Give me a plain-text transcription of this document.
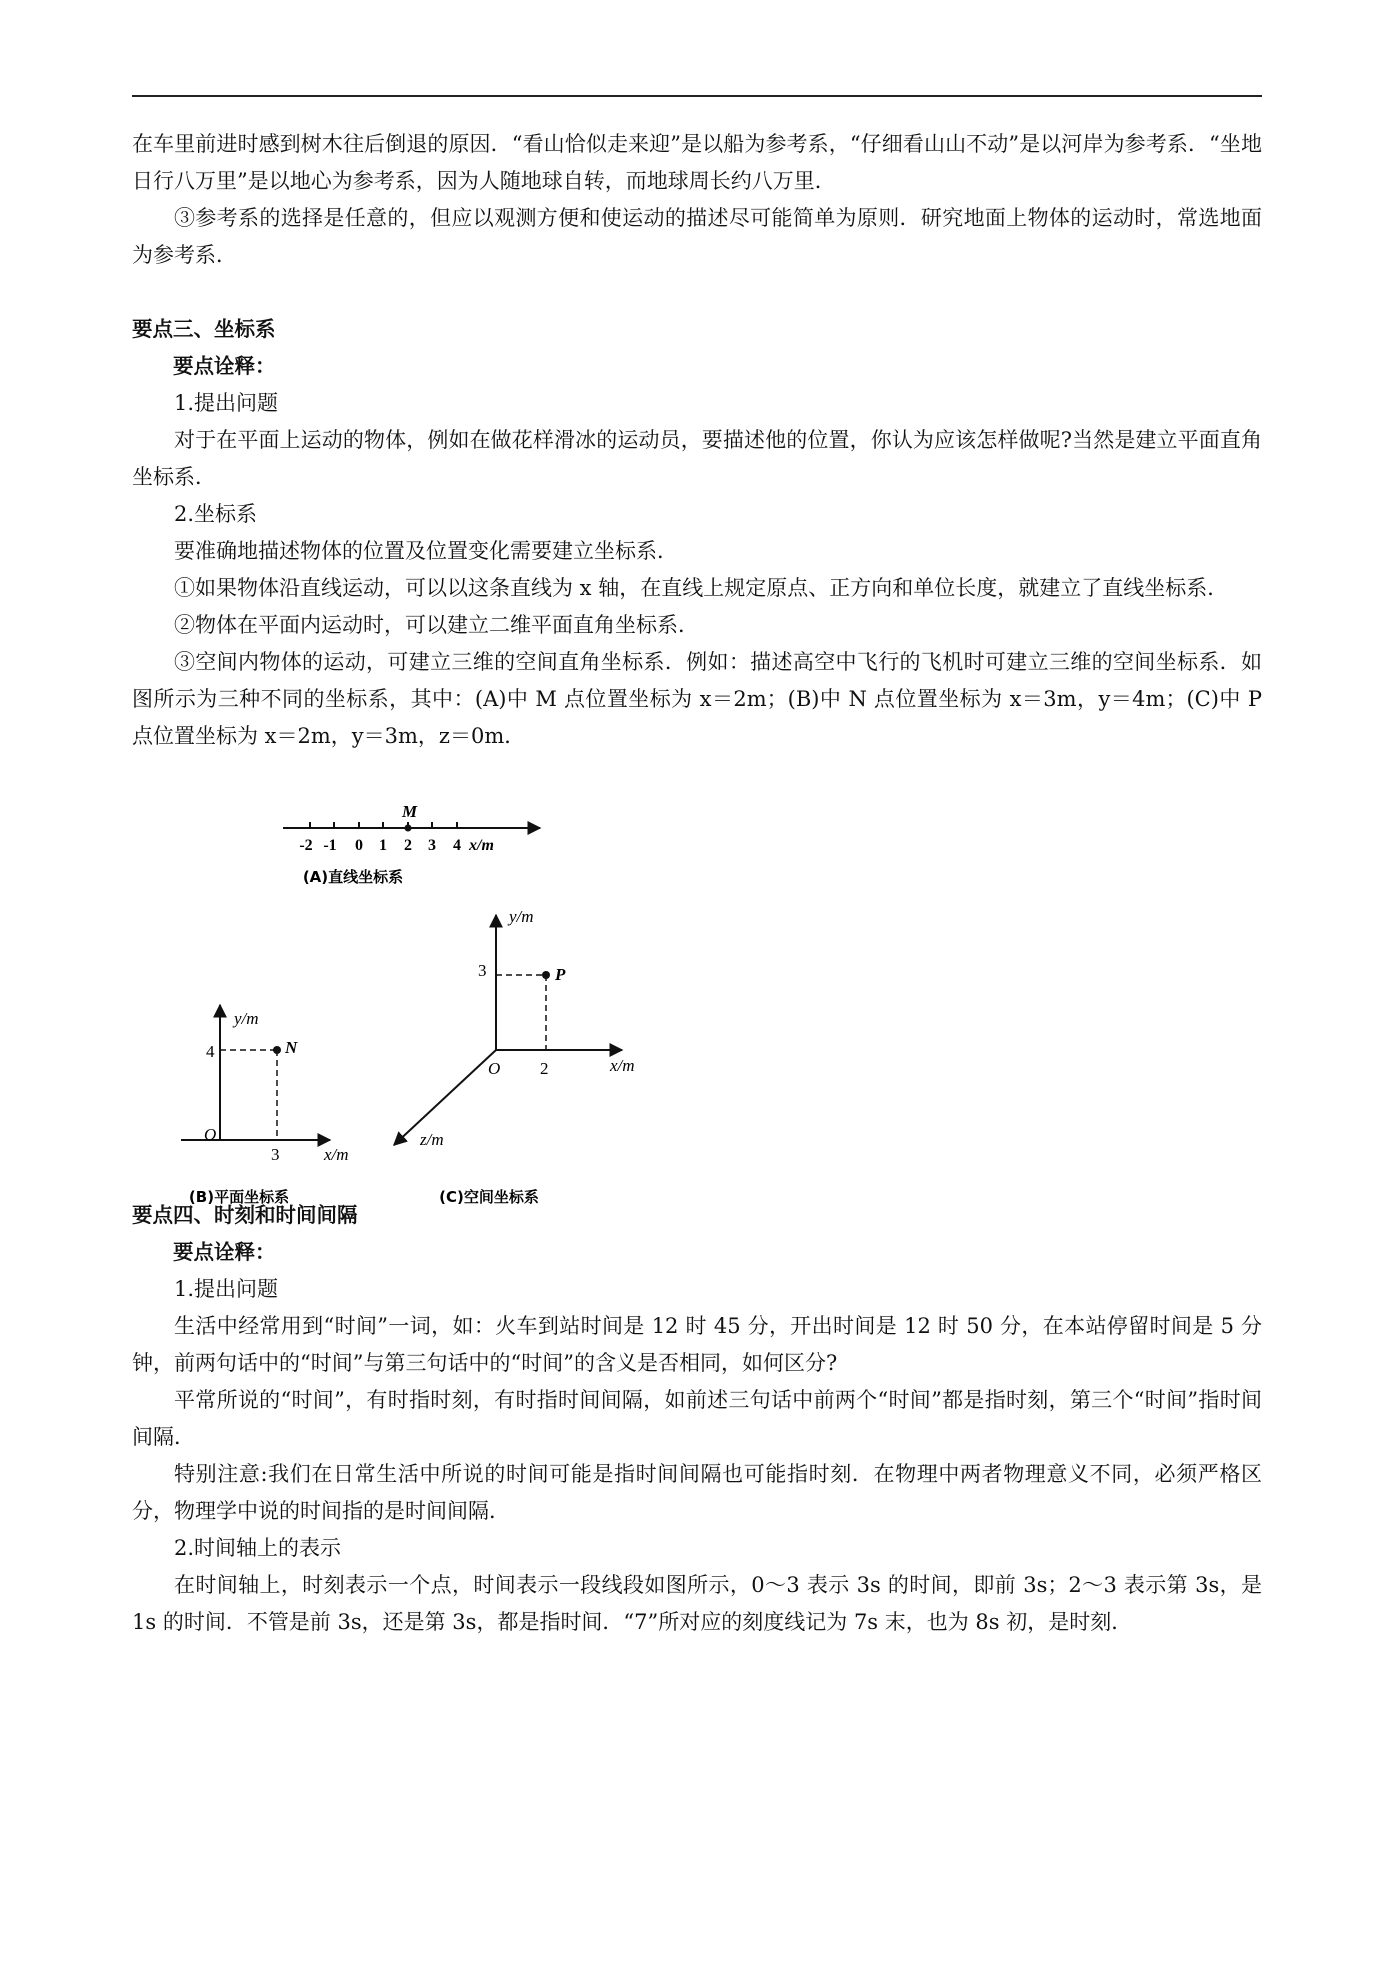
在车里前进时感到树木往后倒退的原因．“看山恰似走来迎”是以船为参考系，“仔细看山山不动”是以河岸为参考系．“坐地日行八万里”是以地心为参考系，因为人随地球自转，而地球周长约八万里．

③参考系的选择是任意的，但应以观测方便和使运动的描述尽可能简单为原则．研究地面上物体的运动时，常选地面为参考系．

要点三、坐标系

要点诠释：

1.提出问题

对于在平面上运动的物体，例如在做花样滑冰的运动员，要描述他的位置，你认为应该怎样做呢?当然是建立平面直角坐标系．

2.坐标系

要准确地描述物体的位置及位置变化需要建立坐标系．

①如果物体沿直线运动，可以以这条直线为 x 轴，在直线上规定原点、正方向和单位长度，就建立了直线坐标系．

②物体在平面内运动时，可以建立二维平面直角坐标系．

③空间内物体的运动，可建立三维的空间直角坐标系．例如：描述高空中飞行的飞机时可建立三维的空间坐标系．如图所示为三种不同的坐标系，其中：(A)中 M 点位置坐标为 x＝2m；(B)中 N 点位置坐标为 x＝3m，y＝4m；(C)中 P 点位置坐标为 x＝2m，y＝3m，z＝0m．

要点四、时刻和时间间隔

要点诠释：

1.提出问题

生活中经常用到“时间”一词，如：火车到站时间是 12 时 45 分，开出时间是 12 时 50 分，在本站停留时间是 5 分钟，前两句话中的“时间”与第三句话中的“时间”的含义是否相同，如何区分?

平常所说的“时间”，有时指时刻，有时指时间间隔，如前述三句话中前两个“时间”都是指时刻，第三个“时间”指时间间隔．

特别注意:我们在日常生活中所说的时间可能是指时间间隔也可能指时刻．在物理中两者物理意义不同，必须严格区分，物理学中说的时间指的是时间间隔．

2.时间轴上的表示

在时间轴上，时刻表示一个点，时间表示一段线段如图所示，0～3 表示 3s 的时间，即前 3s；2～3 表示第 3s，是 1s 的时间．不管是前 3s，还是第 3s，都是指时间．“7”所对应的刻度线记为 7s 末，也为 8s 初，是时刻．

M
-2 -1 0 1 2 3 4 x/m
(A)直线坐标系
N
y/m
4
O
3	x/m
(B)平面坐标系
P
y/m
3
O 2	x/m
z/m
(C)空间坐标系
